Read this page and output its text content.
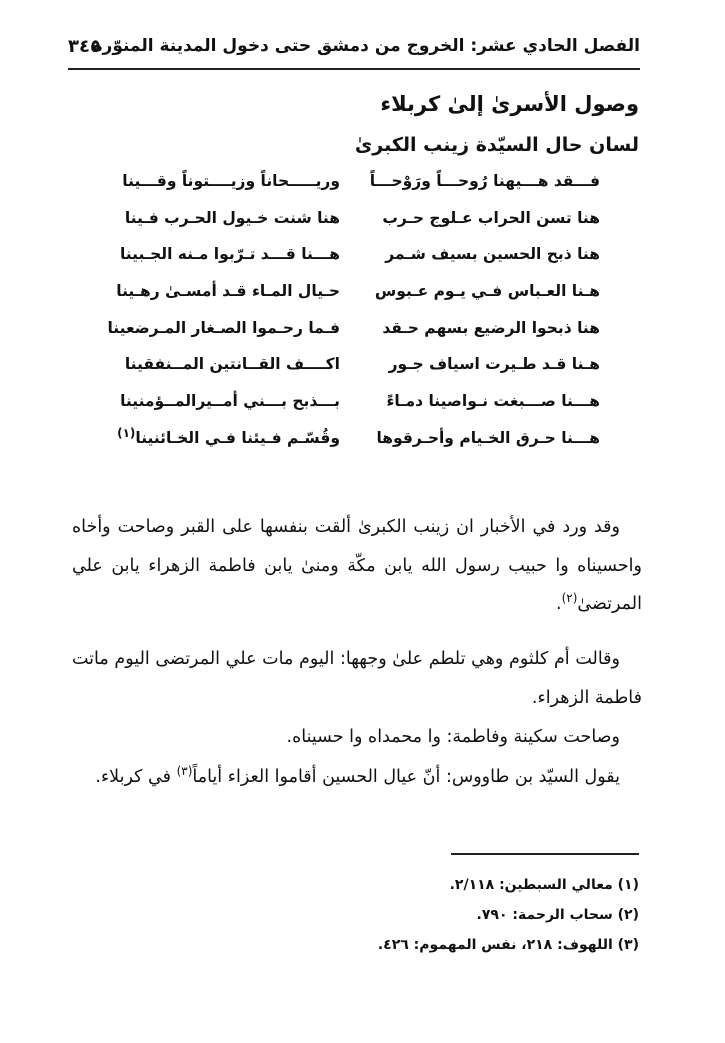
الفصل الحادي عشر: الخروج من دمشق حتى دخول المدينة المنوّرة
٣٤٥
وصول الأسرىٰ إلىٰ كربلاء
لسان حال السيّدة زينب الكبرىٰ
فـــقد هـــيهنا رُوحـــاً ورَوْحـــاً
وريـــــحاناً وزيــــتوناً وقـــينا
هنا تسن الحراب عـلوج حـرب
هنا شنت خـيول الحـرب فـينا
هنا ذبح الحسين بسيف شـمر
هـــنا قـــد تـرّبوا مـنه الجـبينا
هـنا العـباس فـي يـوم عـبوس
حـيال المـاء قـد أمسـىٰ رهـينا
هنا ذبحوا الرضيع بسهم حـقد
فـما رحـموا الصـغار المـرضعينا
هـنا قـد طـيرت اسياف جـور
اكــــف القــانتين المــنفقينا
هـــنا صـــبغت نـواصينا دمـاءً
بـــذبح بـــني أمــيرالمــؤمنينا
هـــنا حـرق الخـيام وأحـرقوها
وقُسّـم فـيئنا فـي الخـائنينا$^{(١)}$

وقد ورد في الأخبار ان زينب الكبرىٰ ألقت بنفسها على القبر وصاحت وأخاه واحسيناه وا حبيب رسول الله يابن مكّة ومنىٰ يابن فاطمة الزهراء يابن علي المرتضىٰ$^{(٢)}$.

وقالت أم كلثوم وهي تلطم علىٰ وجهها: اليوم مات علي المرتضى اليوم ماتت فاطمة الزهراء.

وصاحت سكينة وفاطمة: وا محمداه وا حسيناه.

يقول السيّد بن طاووس: أنّ عيال الحسين أقاموا العزاء أياماً$^{(٣)}$ في كربلاء.

(١) معالي السبطين: ٢/١١٨.
(٢) سحاب الرحمة: ٧٩٠.
(٣) اللهوف: ٢١٨، نفس المهموم: ٤٢٦.
